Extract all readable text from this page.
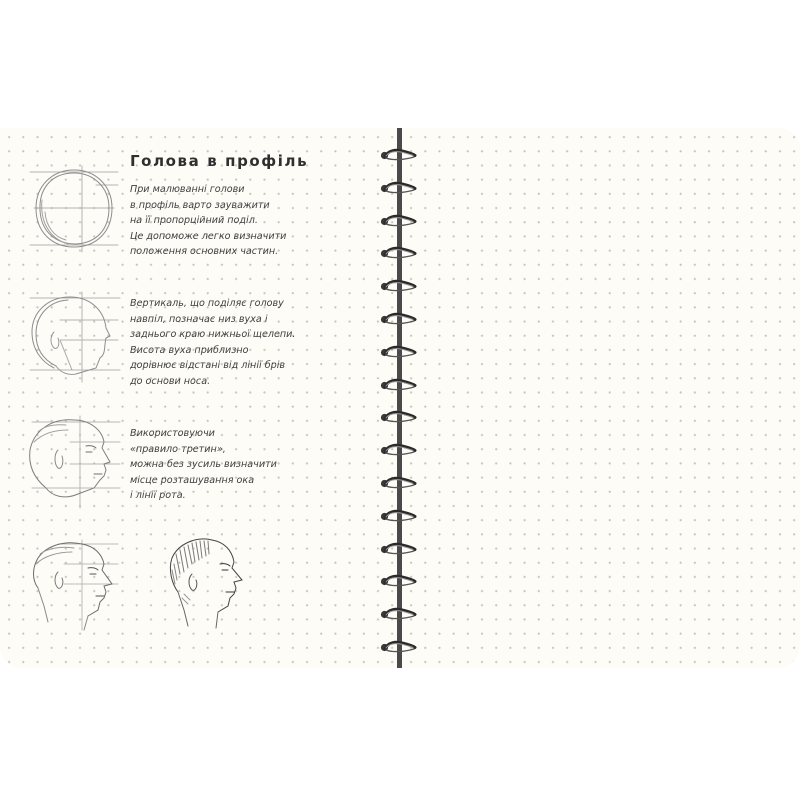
Голова в профіль

При малюванні голови
в профіль варто зауважити
на її пропорційний поділ.
Це допоможе легко визначити
положення основних частин.

Вертикаль, що поділяє голову
навпіл, позначає низ вуха і
заднього краю нижньої щелепи.
Висота вуха приблизно
дорівнює відстані від лінії брів
до основи носа.

Використовуючи
«правило третин»,
можна без зусиль визначити
місце розташування ока
і лінії рота.
